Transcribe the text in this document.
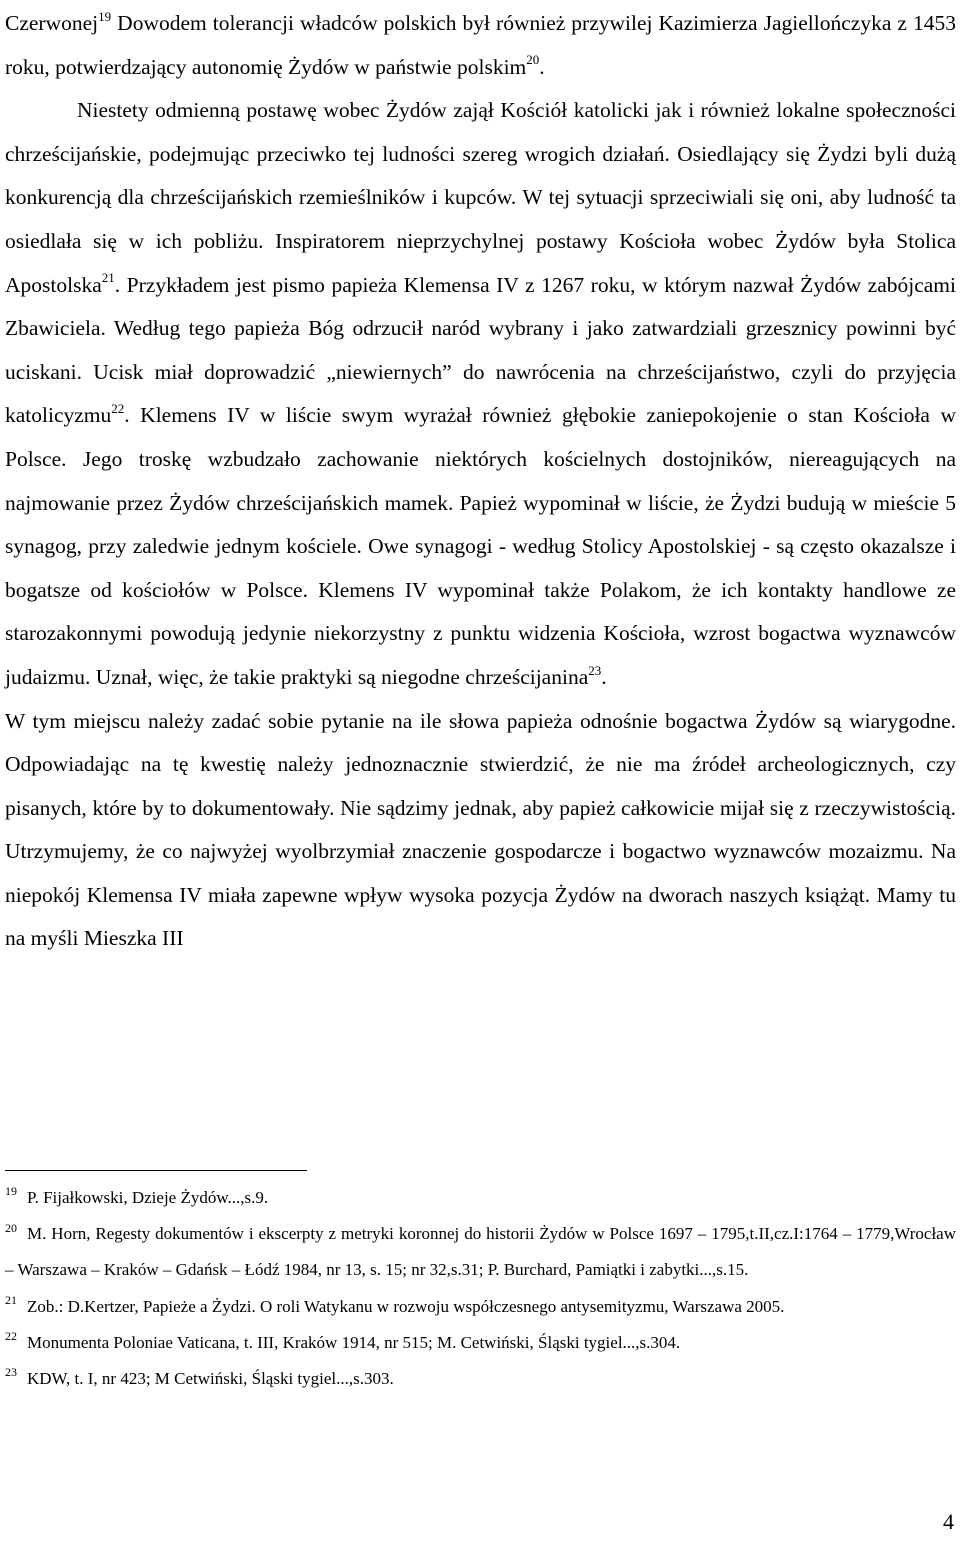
Czerwonej$^{19}$ Dowodem tolerancji władców polskich był również przywilej Kazimierza Jagiellończyka z 1453 roku, potwierdzający autonomię Żydów w państwie polskim$^{20}$.

Niestety odmienną postawę wobec Żydów zajął Kościół katolicki jak i również lokalne społeczności chrześcijańskie, podejmując przeciwko tej ludności szereg wrogich działań. Osiedlający się Żydzi byli dużą konkurencją dla chrześcijańskich rzemieślników i kupców. W tej sytuacji sprzeciwiali się oni, aby ludność ta osiedlała się w ich pobliżu. Inspiratorem nieprzychylnej postawy Kościoła wobec Żydów była Stolica Apostolska$^{21}$. Przykładem jest pismo papieża Klemensa IV z 1267 roku, w którym nazwał Żydów zabójcami Zbawiciela. Według tego papieża Bóg odrzucił naród wybrany i jako zatwardziali grzesznicy powinni być uciskani. Ucisk miał doprowadzić „niewiernych” do nawrócenia na chrześcijaństwo, czyli do przyjęcia katolicyzmu$^{22}$. Klemens IV w liście swym wyrażał również głębokie zaniepokojenie o stan Kościoła w Polsce. Jego troskę wzbudzało zachowanie niektórych kościelnych dostojników, niereagujących na najmowanie przez Żydów chrześcijańskich mamek. Papież wypominał w liście, że Żydzi budują w mieście 5 synagog, przy zaledwie jednym kościele. Owe synagogi - według Stolicy Apostolskiej - są często okazalsze i bogatsze od kościołów w Polsce. Klemens IV wypominał także Polakom, że ich kontakty handlowe ze starozakonnymi powodują jedynie niekorzystny z punktu widzenia Kościoła, wzrost bogactwa wyznawców judaizmu. Uznał, więc, że takie praktyki są niegodne chrześcijanina$^{23}$.

W tym miejscu należy zadać sobie pytanie na ile słowa papieża odnośnie bogactwa Żydów są wiarygodne. Odpowiadając na tę kwestię należy jednoznacznie stwierdzić, że nie ma źródeł archeologicznych, czy pisanych, które by to dokumentowały. Nie sądzimy jednak, aby papież całkowicie mijał się z rzeczywistością. Utrzymujemy, że co najwyżej wyolbrzymiał znaczenie gospodarcze i bogactwo wyznawców mozaizmu. Na niepokój Klemensa IV miała zapewne wpływ wysoka pozycja Żydów na dworach naszych książąt. Mamy tu na myśli Mieszka III

$^{19}$ P. Fijałkowski, Dzieje Żydów...,s.9.

$^{20}$ M. Horn, Regesty dokumentów i ekscerpty z metryki koronnej do historii Żydów w Polsce 1697 – 1795,t.II,cz.I:1764 – 1779,Wrocław – Warszawa – Kraków – Gdańsk – Łódź 1984, nr 13, s. 15; nr 32,s.31; P. Burchard, Pamiątki i zabytki...,s.15.

$^{21}$ Zob.: D.Kertzer, Papieże a Żydzi. O roli Watykanu w rozwoju współczesnego antysemityzmu, Warszawa 2005.

$^{22}$ Monumenta Poloniae Vaticana, t. III, Kraków 1914, nr 515; M. Cetwiński, Śląski tygiel...,s.304.

$^{23}$ KDW, t. I, nr 423; M Cetwiński, Śląski tygiel...,s.303.

4
